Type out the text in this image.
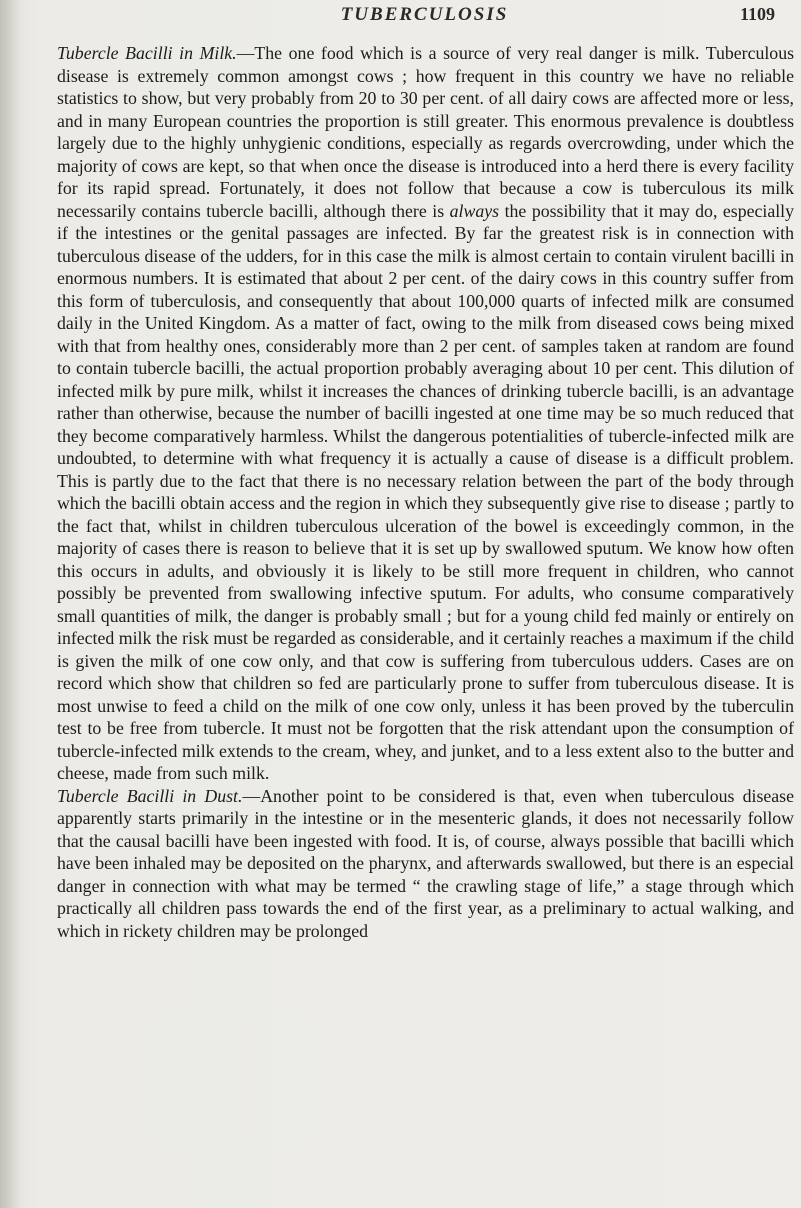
TUBERCULOSIS	1109

Tubercle Bacilli in Milk.—The one food which is a source of very real danger is milk. Tuberculous disease is extremely common amongst cows ; how frequent in this country we have no reliable statistics to show, but very probably from 20 to 30 per cent. of all dairy cows are affected more or less, and in many European countries the proportion is still greater. This enormous prevalence is doubtless largely due to the highly unhygienic conditions, especially as regards overcrowding, under which the majority of cows are kept, so that when once the disease is introduced into a herd there is every facility for its rapid spread. Fortunately, it does not follow that because a cow is tuberculous its milk necessarily contains tubercle bacilli, although there is always the possibility that it may do, especially if the intestines or the genital passages are infected. By far the greatest risk is in connection with tuberculous disease of the udders, for in this case the milk is almost certain to contain virulent bacilli in enormous numbers. It is estimated that about 2 per cent. of the dairy cows in this country suffer from this form of tuberculosis, and consequently that about 100,000 quarts of infected milk are consumed daily in the United Kingdom. As a matter of fact, owing to the milk from diseased cows being mixed with that from healthy ones, considerably more than 2 per cent. of samples taken at random are found to contain tubercle bacilli, the actual proportion probably averaging about 10 per cent. This dilution of infected milk by pure milk, whilst it increases the chances of drinking tubercle bacilli, is an advantage rather than otherwise, because the number of bacilli ingested at one time may be so much reduced that they become comparatively harmless. Whilst the dangerous potentialities of tubercle-infected milk are undoubted, to determine with what frequency it is actually a cause of disease is a difficult problem. This is partly due to the fact that there is no necessary relation between the part of the body through which the bacilli obtain access and the region in which they subsequently give rise to disease ; partly to the fact that, whilst in children tuberculous ulceration of the bowel is exceedingly common, in the majority of cases there is reason to believe that it is set up by swallowed sputum. We know how often this occurs in adults, and obviously it is likely to be still more frequent in children, who cannot possibly be prevented from swallowing infective sputum. For adults, who consume comparatively small quantities of milk, the danger is probably small ; but for a young child fed mainly or entirely on infected milk the risk must be regarded as considerable, and it certainly reaches a maximum if the child is given the milk of one cow only, and that cow is suffering from tuberculous udders. Cases are on record which show that children so fed are particularly prone to suffer from tuberculous disease. It is most unwise to feed a child on the milk of one cow only, unless it has been proved by the tuberculin test to be free from tubercle. It must not be forgotten that the risk attendant upon the consumption of tubercle-infected milk extends to the cream, whey, and junket, and to a less extent also to the butter and cheese, made from such milk.

Tubercle Bacilli in Dust.—Another point to be considered is that, even when tuberculous disease apparently starts primarily in the intestine or in the mesenteric glands, it does not necessarily follow that the causal bacilli have been ingested with food. It is, of course, always possible that bacilli which have been inhaled may be deposited on the pharynx, and afterwards swallowed, but there is an especial danger in connection with what may be termed “ the crawling stage of life,” a stage through which practically all children pass towards the end of the first year, as a preliminary to actual walking, and which in rickety children may be prolonged
